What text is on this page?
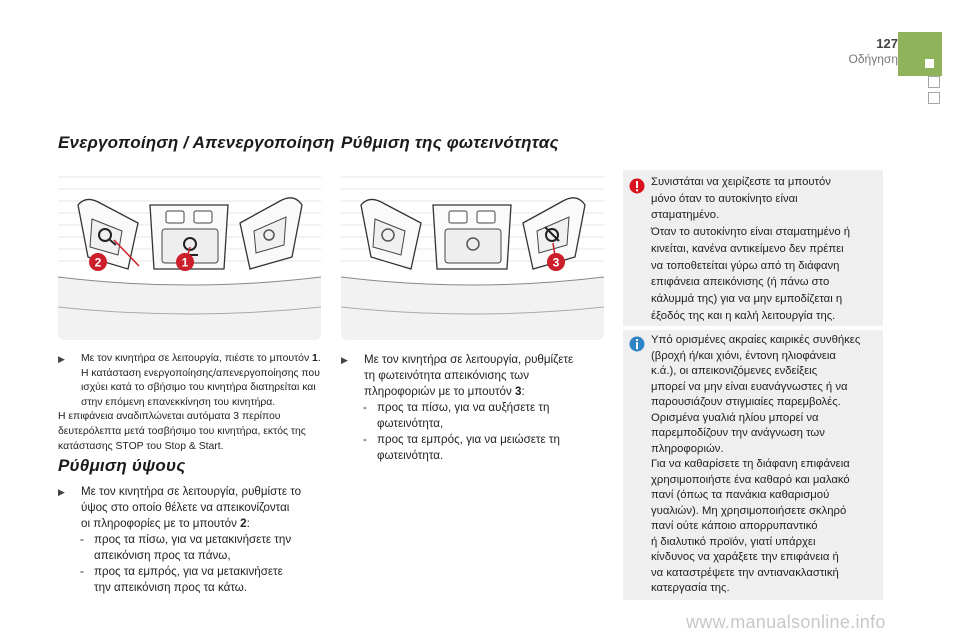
127
Οδήγηση
Ενεργοποίηση / Απενεργοποίηση
2	1
▶ Με τον κινητήρα σε λειτουργία, πιέστε το μπουτόν 1.
Η κατάσταση ενεργοποίησης/απενεργοποίησης που
ισχύει κατά το σβήσιμο του κινητήρα διατηρείται και
στην επόμενη επανεκκίνηση του κινητήρα.
Η επιφάνεια αναδιπλώνεται αυτόματα 3 περίπου
δευτερόλεπτα μετά τοσβήσιμο του κινητήρα, εκτός της
κατάστασης STOP του Stop & Start.
Ρύθμιση ύψους
▶ Με τον κινητήρα σε λειτουργία, ρυθμίστε το
ύψος στο οποίο θέλετε να απεικονίζονται
οι πληροφορίες με το μπουτόν 2:
- προς τα πίσω, για να μετακινήσετε την
απεικόνιση προς τα πάνω,
- προς τα εμπρός, για να μετακινήσετε
την απεικόνιση προς τα κάτω.
Ρύθμιση της φωτεινότητας
3
▶ Με τον κινητήρα σε λειτουργία, ρυθμίζετε
τη φωτεινότητα απεικόνισης των
πληροφοριών με το μπουτόν 3:
- προς τα πίσω, για να αυξήσετε τη
φωτεινότητα,
- προς τα εμπρός, για να μειώσετε τη
φωτεινότητα.
Συνιστάται να χειρίζεστε τα μπουτόν
μόνο όταν το αυτοκίνητο είναι
σταματημένο.
Όταν το αυτοκίνητο είναι σταματημένο ή
κινείται, κανένα αντικείμενο δεν πρέπει
να τοποθετείται γύρω από τη διάφανη
επιφάνεια απεικόνισης (ή πάνω στο
κάλυμμά της) για να μην εμποδίζεται η
έξοδός της και η καλή λειτουργία της.
Υπό ορισμένες ακραίες καιρικές συνθήκες
(βροχή ή/και χιόνι, έντονη ηλιοφάνεια
κ.ά.), οι απεικονιζόμενες ενδείξεις
μπορεί να μην είναι ευανάγνωστες ή να
παρουσιάζουν στιγμιαίες παρεμβολές.
Ορισμένα γυαλιά ηλίου μπορεί να
παρεμποδίζουν την ανάγνωση των
πληροφοριών.
Για να καθαρίσετε τη διάφανη επιφάνεια
χρησιμοποιήστε ένα καθαρό και μαλακό
πανί (όπως τα πανάκια καθαρισμού
γυαλιών). Μη χρησιμοποιήσετε σκληρό
πανί ούτε κάποιο απορρυπαντικό
ή διαλυτικό προϊόν, γιατί υπάρχει
κίνδυνος να χαράξετε την επιφάνεια ή
να καταστρέψετε την αντιανακλαστική
κατεργασία της.
www.manualsonline.info
